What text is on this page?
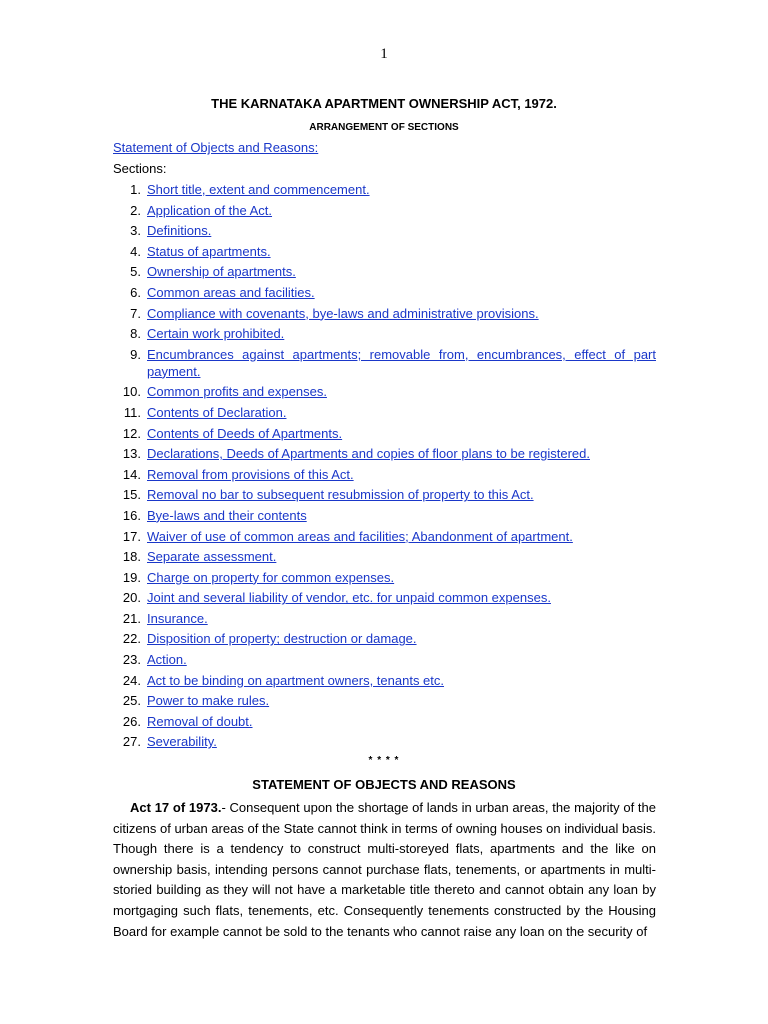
1
THE KARNATAKA APARTMENT OWNERSHIP ACT, 1972.
ARRANGEMENT OF SECTIONS
Statement of Objects and Reasons:
Sections:
1. Short title, extent and commencement.
2. Application of the Act.
3. Definitions.
4. Status of apartments.
5. Ownership of apartments.
6. Common areas and facilities.
7. Compliance with covenants, bye-laws and administrative provisions.
8. Certain work prohibited.
9. Encumbrances against apartments; removable from, encumbrances, effect of part payment.
10. Common profits and expenses.
11. Contents of Declaration.
12. Contents of Deeds of Apartments.
13. Declarations, Deeds of Apartments and copies of floor plans to be registered.
14. Removal from provisions of this Act.
15. Removal no bar to subsequent resubmission of property to this Act.
16. Bye-laws and their contents
17. Waiver of use of common areas and facilities; Abandonment of apartment.
18. Separate assessment.
19. Charge on property for common expenses.
20. Joint and several liability of vendor, etc. for unpaid common expenses.
21. Insurance.
22. Disposition of property; destruction or damage.
23. Action.
24. Act to be binding on apartment owners, tenants etc.
25. Power to make rules.
26. Removal of doubt.
27. Severability.
* * * *
STATEMENT OF OBJECTS AND REASONS

Act 17 of 1973.- Consequent upon the shortage of lands in urban areas, the majority of the citizens of urban areas of the State cannot think in terms of owning houses on individual basis. Though there is a tendency to construct multi-storeyed flats, apartments and the like on ownership basis, intending persons cannot purchase flats, tenements, or apartments in multi-storied building as they will not have a marketable title thereto and cannot obtain any loan by mortgaging such flats, tenements, etc. Consequently tenements constructed by the Housing Board for example cannot be sold to the tenants who cannot raise any loan on the security of
